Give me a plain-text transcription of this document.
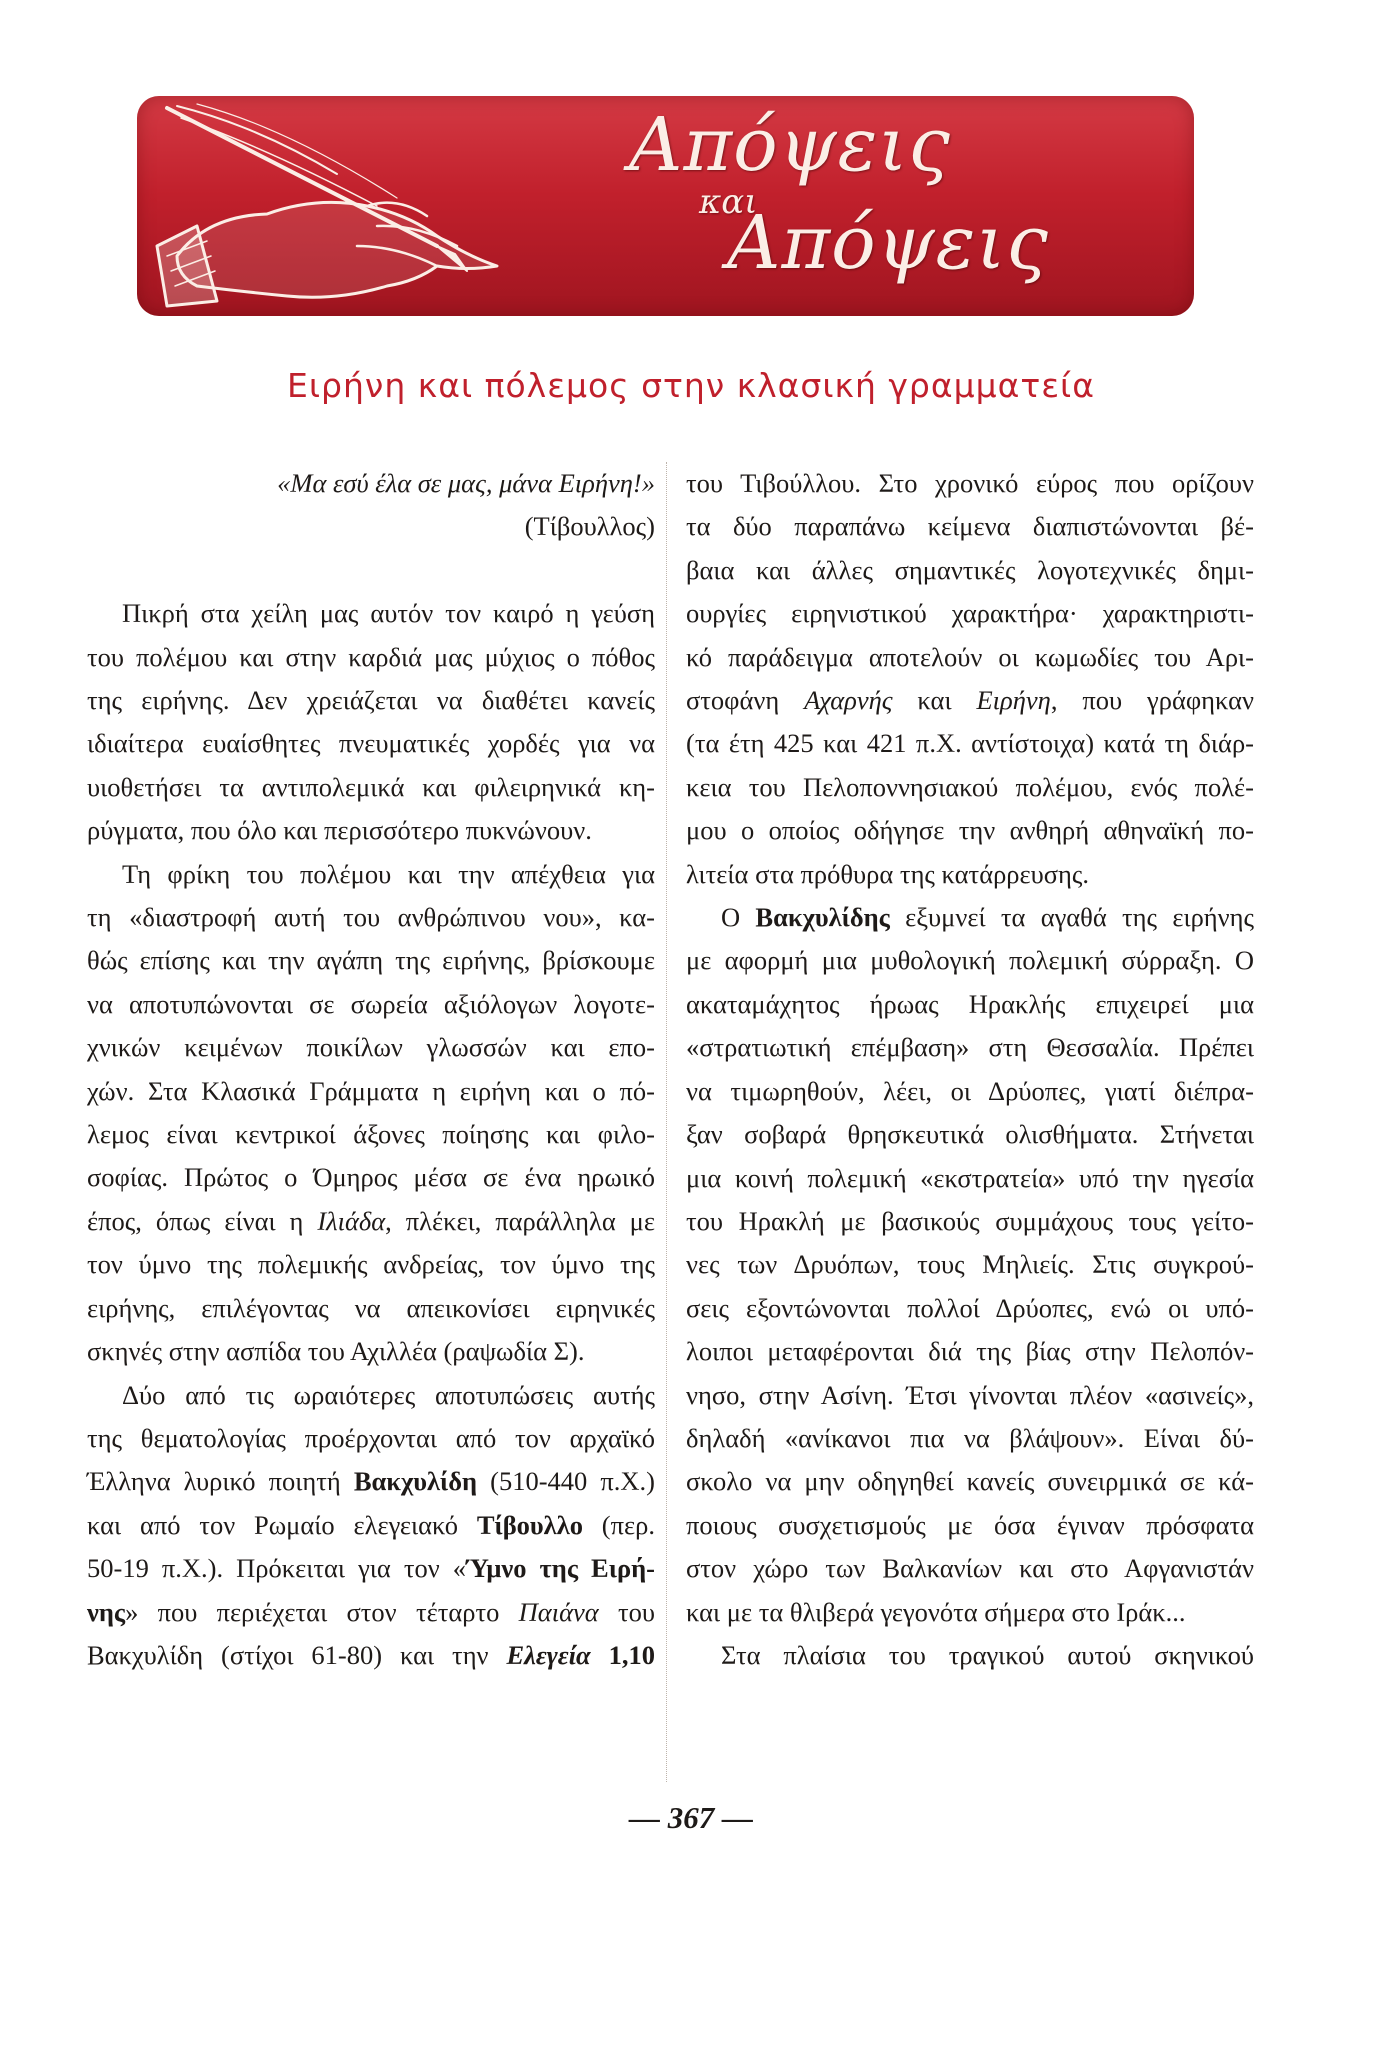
Απόψεις
και
Απόψεις
Ειρήνη και πόλεμος στην κλασική γραμματεία
«Μα εσύ έλα σε μας, μάνα Ειρήνη!»
(Τίβουλλος)
Πικρή στα χείλη μας αυτόν τον καιρό η γεύση
του πολέμου και στην καρδιά μας μύχιος ο πόθος
της ειρήνης. Δεν χρειάζεται να διαθέτει κανείς
ιδιαίτερα ευαίσθητες πνευματικές χορδές για να
υιοθετήσει τα αντιπολεμικά και φιλειρηνικά κη-
ρύγματα, που όλο και περισσότερο πυκνώνουν.
Τη φρίκη του πολέμου και την απέχθεια για
τη «διαστροφή αυτή του ανθρώπινου νου», κα-
θώς επίσης και την αγάπη της ειρήνης, βρίσκουμε
να αποτυπώνονται σε σωρεία αξιόλογων λογοτε-
χνικών κειμένων ποικίλων γλωσσών και επο-
χών. Στα Κλασικά Γράμματα η ειρήνη και ο πό-
λεμος είναι κεντρικοί άξονες ποίησης και φιλο-
σοφίας. Πρώτος ο Όμηρος μέσα σε ένα ηρωικό
έπος, όπως είναι η Ιλιάδα, πλέκει, παράλληλα με
τον ύμνο της πολεμικής ανδρείας, τον ύμνο της
ειρήνης, επιλέγοντας να απεικονίσει ειρηνικές
σκηνές στην ασπίδα του Αχιλλέα (ραψωδία Σ).
Δύο από τις ωραιότερες αποτυπώσεις αυτής
της θεματολογίας προέρχονται από τον αρχαϊκό
Έλληνα λυρικό ποιητή Βακχυλίδη (510-440 π.Χ.)
και από τον Ρωμαίο ελεγειακό Τίβουλλο (περ.
50-19 π.Χ.). Πρόκειται για τον «Ύμνο της Ειρή-
νης» που περιέχεται στον τέταρτο Παιάνα του
Βακχυλίδη (στίχοι 61-80) και την Ελεγεία 1,10
του Τιβούλλου. Στο χρονικό εύρος που ορίζουν
τα δύο παραπάνω κείμενα διαπιστώνονται βέ-
βαια και άλλες σημαντικές λογοτεχνικές δημι-
ουργίες ειρηνιστικού χαρακτήρα· χαρακτηριστι-
κό παράδειγμα αποτελούν οι κωμωδίες του Αρι-
στοφάνη Αχαρνής και Ειρήνη, που γράφηκαν
(τα έτη 425 και 421 π.Χ. αντίστοιχα) κατά τη διάρ-
κεια του Πελοποννησιακού πολέμου, ενός πολέ-
μου ο οποίος οδήγησε την ανθηρή αθηναϊκή πο-
λιτεία στα πρόθυρα της κατάρρευσης.
Ο Βακχυλίδης εξυμνεί τα αγαθά της ειρήνης
με αφορμή μια μυθολογική πολεμική σύρραξη. Ο
ακαταμάχητος ήρωας Ηρακλής επιχειρεί μια
«στρατιωτική επέμβαση» στη Θεσσαλία. Πρέπει
να τιμωρηθούν, λέει, οι Δρύοπες, γιατί διέπρα-
ξαν σοβαρά θρησκευτικά ολισθήματα. Στήνεται
μια κοινή πολεμική «εκστρατεία» υπό την ηγεσία
του Ηρακλή με βασικούς συμμάχους τους γείτο-
νες των Δρυόπων, τους Μηλιείς. Στις συγκρού-
σεις εξοντώνονται πολλοί Δρύοπες, ενώ οι υπό-
λοιποι μεταφέρονται διά της βίας στην Πελοπόν-
νησο, στην Ασίνη. Έτσι γίνονται πλέον «ασινείς»,
δηλαδή «ανίκανοι πια να βλάψουν». Είναι δύ-
σκολο να μην οδηγηθεί κανείς συνειρμικά σε κά-
ποιους συσχετισμούς με όσα έγιναν πρόσφατα
στον χώρο των Βαλκανίων και στο Αφγανιστάν
και με τα θλιβερά γεγονότα σήμερα στο Ιράκ...
Στα πλαίσια του τραγικού αυτού σκηνικού
— 367 —
